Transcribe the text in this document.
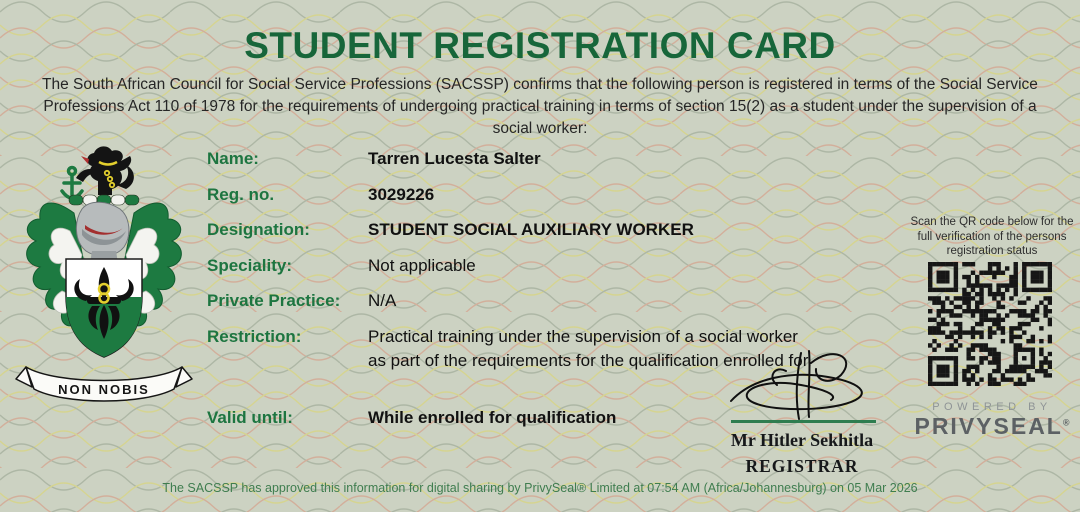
STUDENT REGISTRATION CARD

The South African Council for Social Service Professions (SACSSP) confirms that the following person is registered in terms of the Social Service Professions Act 110 of 1978 for the requirements of undergoing practical training in terms of section 15(2) as a student under the supervision of a social worker:

NON NOBIS
Name:	Tarren Lucesta Salter
Reg. no.	3029226
Designation:	STUDENT SOCIAL AUXILIARY WORKER
Speciality:	Not applicable
Private Practice: N/A
Restriction:	Practical training under the supervision of a social worker
as part of the requirements for the qualification enrolled for.
Valid until:	While enrolled for qualification
Mr Hitler Sekhitla
REGISTRAR
Scan the QR code below for the full verification of the persons registration status
POWERED BY
PRIVYSEAL®
The SACSSP has approved this information for digital sharing by PrivySeal® Limited at 07:54 AM (Africa/Johannesburg) on 05 Mar 2026
